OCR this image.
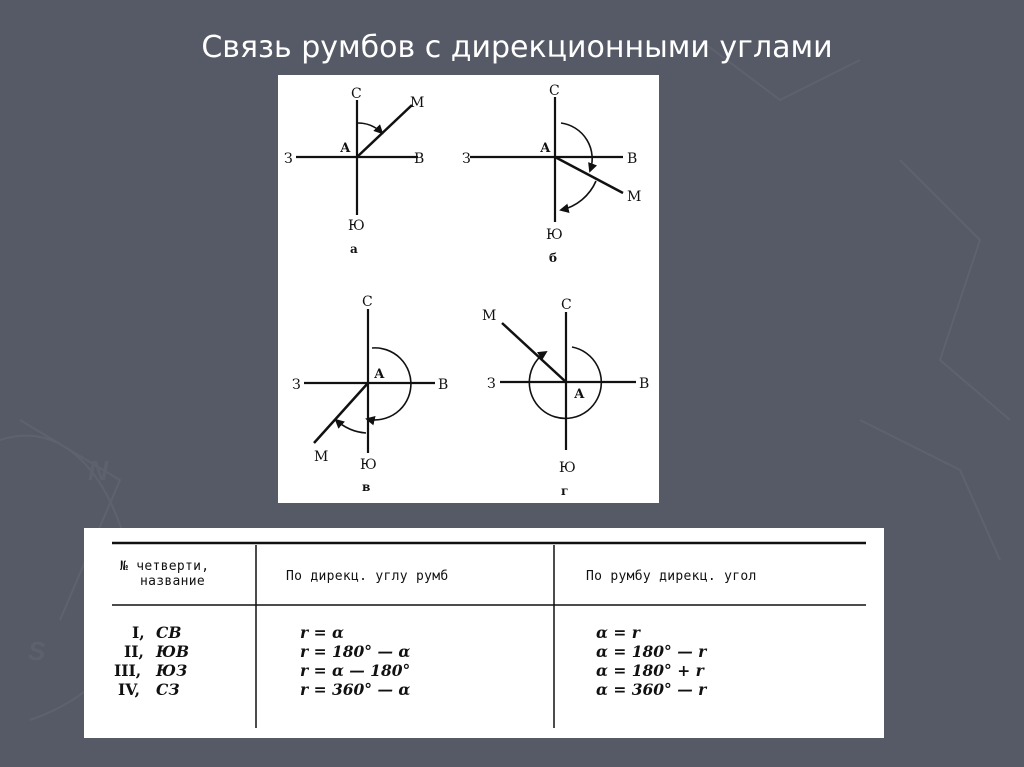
N
S
Связь румбов с дирекционными углами
С
З	В
Ю
А
М
а
С
З	В
Ю
А
М
б
С
З	В
Ю
А
М
в
С
З	В
Ю
А
М
г
№ четверти,
название	По дирекц. углу румб	По румбу дирекц. угол
I, СВ	r = α	α = r
II, ЮВ	r = 180° — α	α = 180° — r
III, ЮЗ	r = α — 180°	α = 180° + r
IV, СЗ	r = 360° — α	α = 360° — r
